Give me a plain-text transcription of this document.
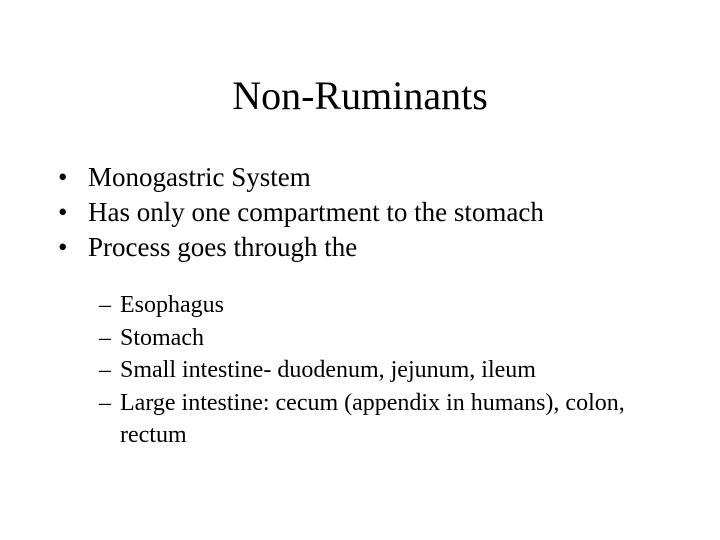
Non-Ruminants
• Monogastric System
• Has only one compartment to the stomach
• Process goes through the
– Esophagus
– Stomach
– Small intestine- duodenum, jejunum, ileum
– Large intestine: cecum (appendix in humans), colon, rectum
